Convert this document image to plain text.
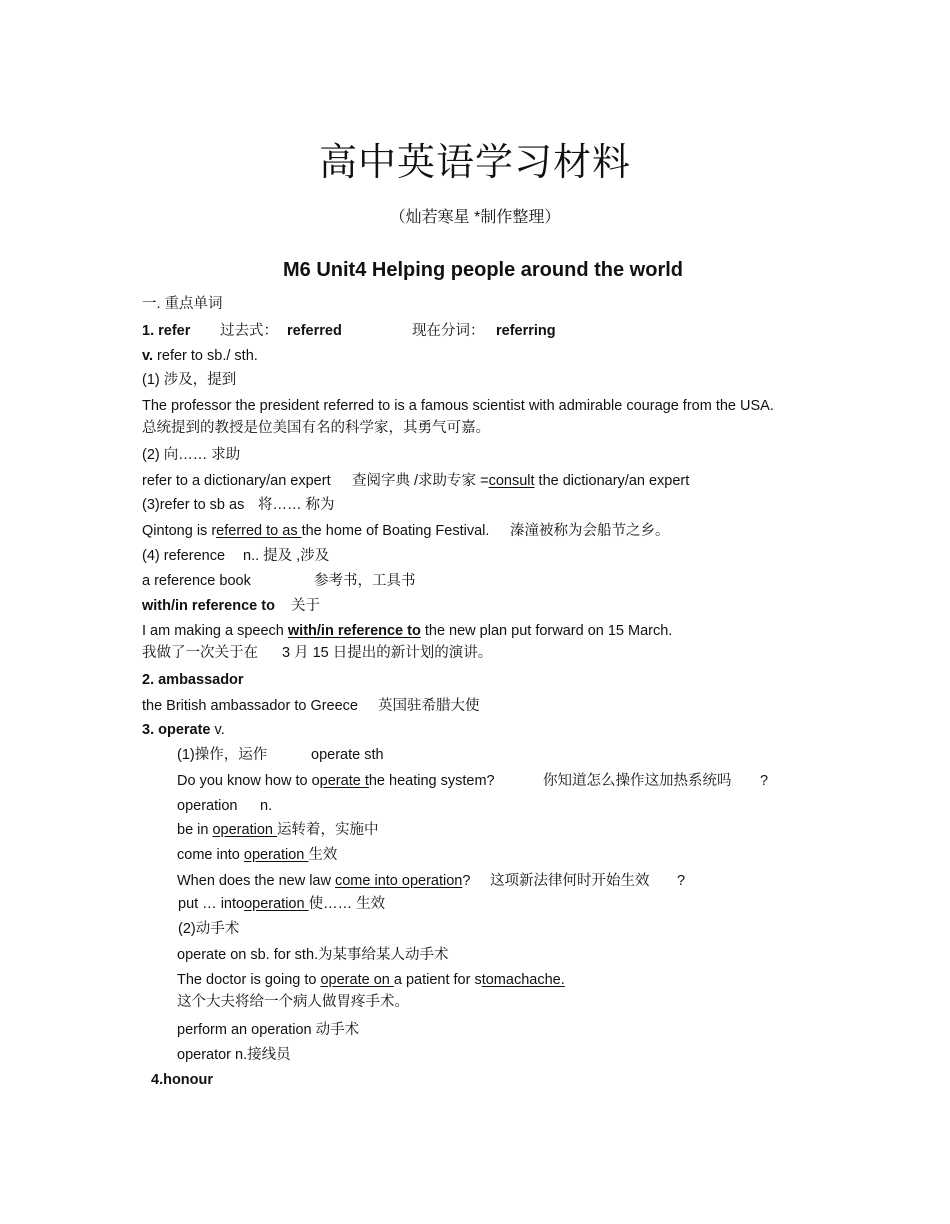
高中英语学习材料
（灿若寒星 *制作整理）
M6 Unit4 Helping people around the world
一. 重点单词
1. refer 过去式： referred	现在分词： referring
v. refer to sb./ sth.
(1) 涉及，提到
The professor the president referred to is a famous scientist with admirable courage from the USA.
总统提到的教授是位美国有名的科学家，其勇气可嘉。
(2) 向…… 求助
refer to a dictionary/an expert 查阅字典 /求助专家 =consult the dictionary/an expert
(3)refer to sb as 将…… 称为
Qintong is referred to as the home of Boating Festival. 溱潼被称为会船节之乡。
(4) reference n.. 提及 ,涉及
a reference book	参考书，工具书
with/in reference to 关于
I am making a speech with/in reference to the new plan put forward on 15 March.
我做了一次关于在 3 月 15 日提出的新计划的演讲。
2. ambassador
the British ambassador to Greece 英国驻希腊大使
3. operate v.
(1)操作，运作	operate sth
Do you know how to operate the heating system?	你知道怎么操作这加热系统吗 ?
operation n.
be in operation 运转着，实施中
come into operation 生效
When does the new law come into operation? 这项新法律何时开始生效 ?
put … intooperation 使…… 生效
(2)动手术
operate on sb. for sth.为某事给某人动手术
The doctor is going to operate on a patient for stomachache.
这个大夫将给一个病人做胃疼手术。
perform an operation 动手术
operator n.接线员
4.honour
